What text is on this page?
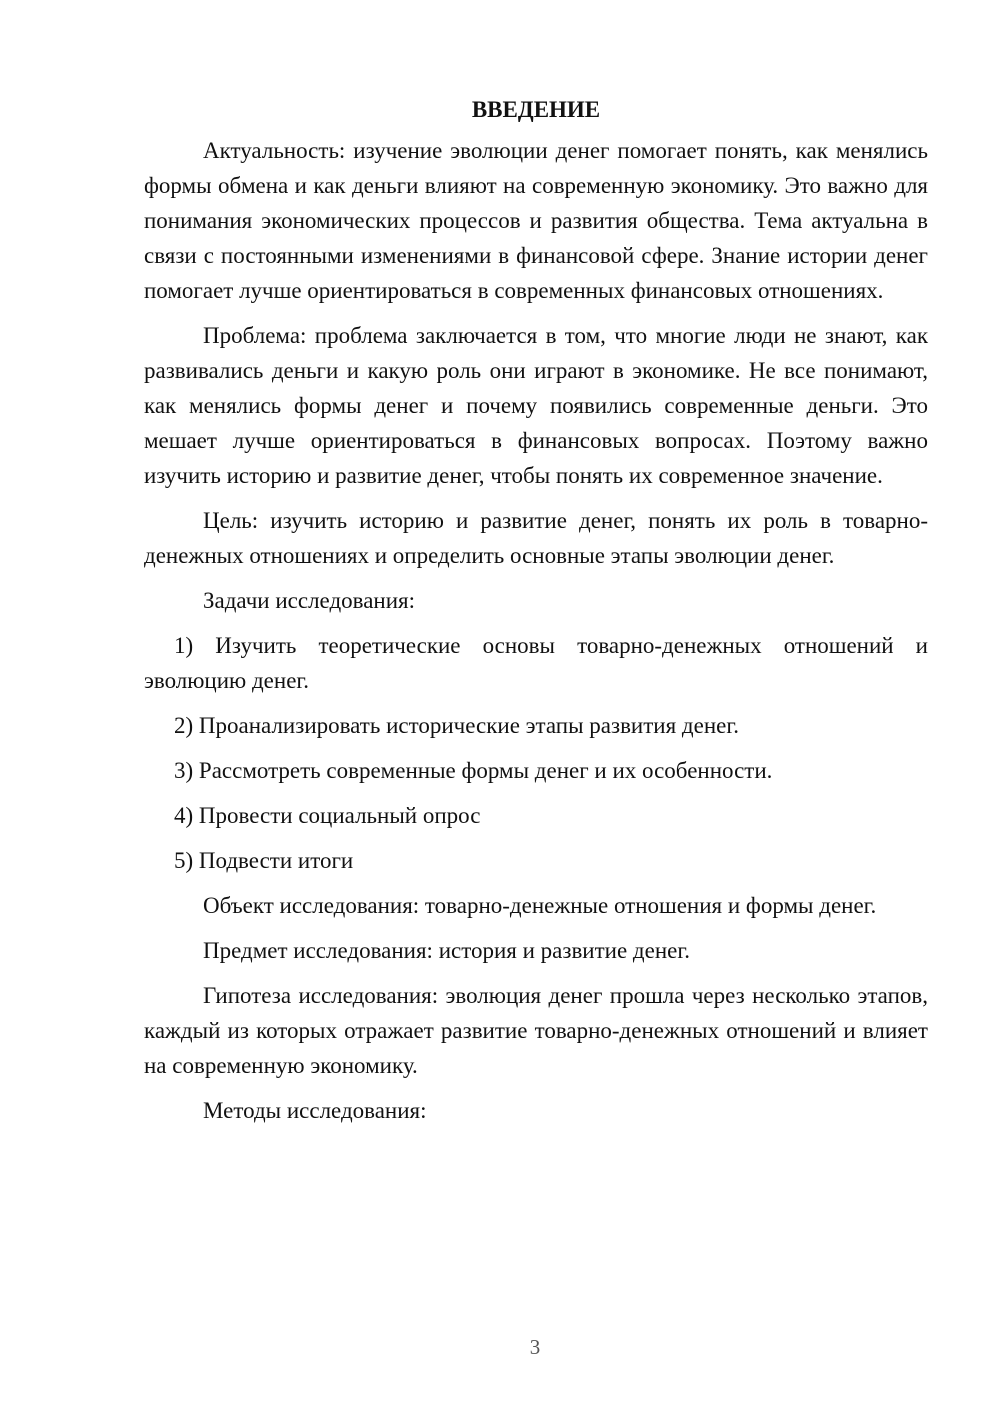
ВВЕДЕНИЕ

Актуальность: изучение эволюции денег помогает понять, как менялись формы обмена и как деньги влияют на современную экономику. Это важно для понимания экономических процессов и развития общества. Тема актуальна в связи с постоянными изменениями в финансовой сфере. Знание истории денег помогает лучше ориентироваться в современных финансовых отношениях.

Проблема: проблема заключается в том, что многие люди не знают, как развивались деньги и какую роль они играют в экономике. Не все понимают, как менялись формы денег и почему появились современные деньги. Это мешает лучше ориентироваться в финансовых вопросах. Поэтому важно изучить историю и развитие денег, чтобы понять их современное значение.

Цель: изучить историю и развитие денег, понять их роль в товарно-денежных отношениях и определить основные этапы эволюции денег.

Задачи исследования:

1) Изучить теоретические основы товарно-денежных отношений и эволюцию денег.

2) Проанализировать исторические этапы развития денег.

3) Рассмотреть современные формы денег и их особенности.

4) Провести социальный опрос

5) Подвести итоги

Объект исследования: товарно-денежные отношения и формы денег.

Предмет исследования: история и развитие денег.

Гипотеза исследования: эволюция денег прошла через несколько этапов, каждый из которых отражает развитие товарно-денежных отношений и влияет на современную экономику.

Методы исследования:

3
